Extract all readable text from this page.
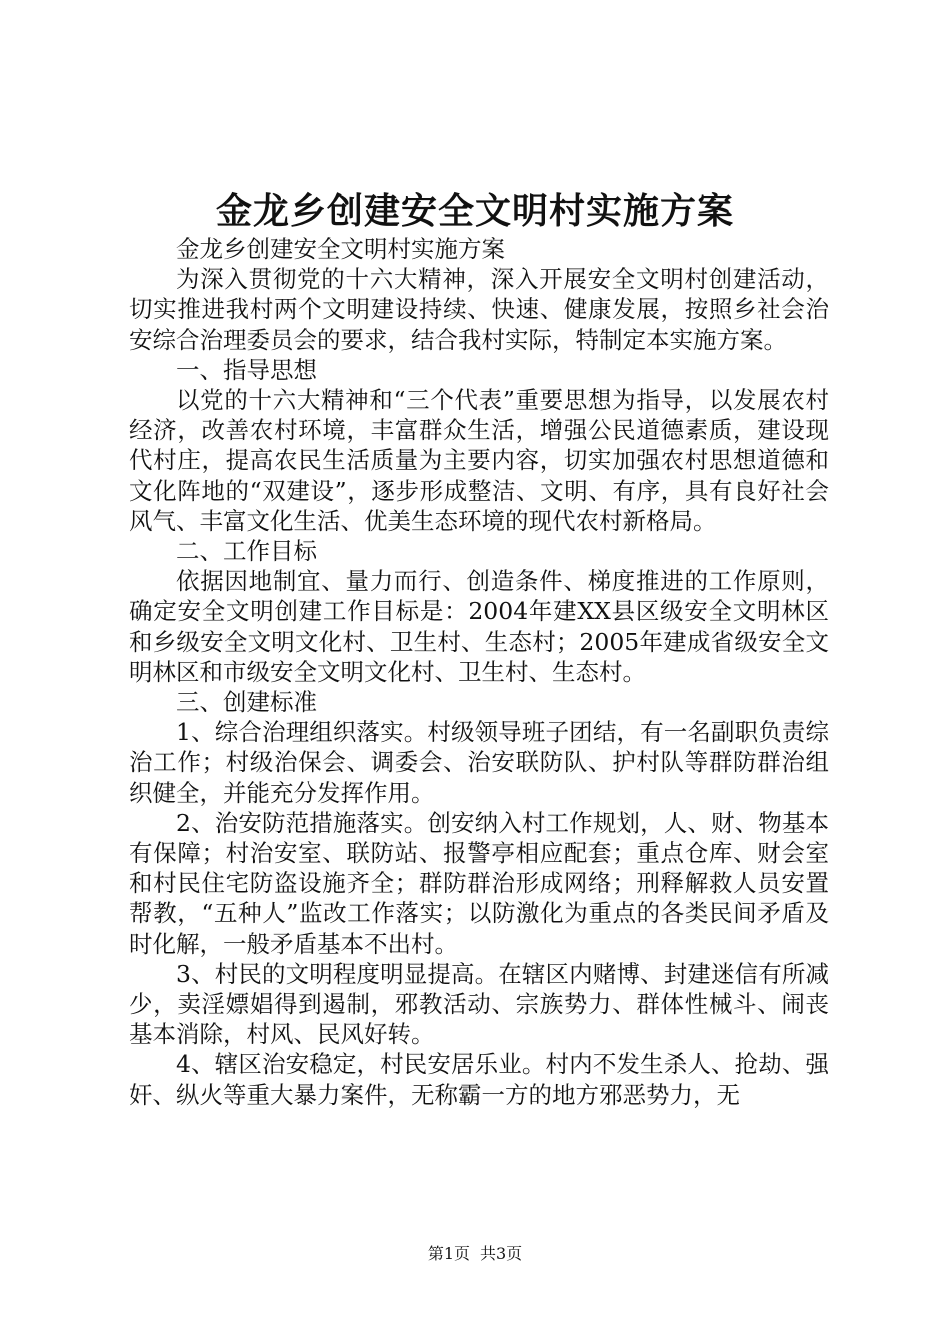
金龙乡创建安全文明村实施方案

金龙乡创建安全文明村实施方案

为深入贯彻党的十六大精神，深入开展安全文明村创建活动，切实推进我村两个文明建设持续、快速、健康发展，按照乡社会治安综合治理委员会的要求，结合我村实际，特制定本实施方案。

一、指导思想

以党的十六大精神和“三个代表”重要思想为指导，以发展农村经济，改善农村环境，丰富群众生活，增强公民道德素质，建设现代村庄，提高农民生活质量为主要内容，切实加强农村思想道德和文化阵地的“双建设”，逐步形成整洁、文明、有序，具有良好社会风气、丰富文化生活、优美生态环境的现代农村新格局。

二、工作目标

依据因地制宜、量力而行、创造条件、梯度推进的工作原则，确定安全文明创建工作目标是：2004年建XX县区级安全文明林区和乡级安全文明文化村、卫生村、生态村；2005年建成省级安全文明林区和市级安全文明文化村、卫生村、生态村。

三、创建标准

1、综合治理组织落实。村级领导班子团结，有一名副职负责综治工作；村级治保会、调委会、治安联防队、护村队等群防群治组织健全，并能充分发挥作用。

2、治安防范措施落实。创安纳入村工作规划，人、财、物基本有保障；村治安室、联防站、报警亭相应配套；重点仓库、财会室和村民住宅防盗设施齐全；群防群治形成网络；刑释解救人员安置帮教，“五种人”监改工作落实；以防激化为重点的各类民间矛盾及时化解，一般矛盾基本不出村。

3、村民的文明程度明显提高。在辖区内赌博、封建迷信有所减少，卖淫嫖娼得到遏制，邪教活动、宗族势力、群体性械斗、闹丧基本消除，村风、民风好转。

4、辖区治安稳定，村民安居乐业。村内不发生杀人、抢劫、强奸、纵火等重大暴力案件，无称霸一方的地方邪恶势力，无

第1页 共3页
